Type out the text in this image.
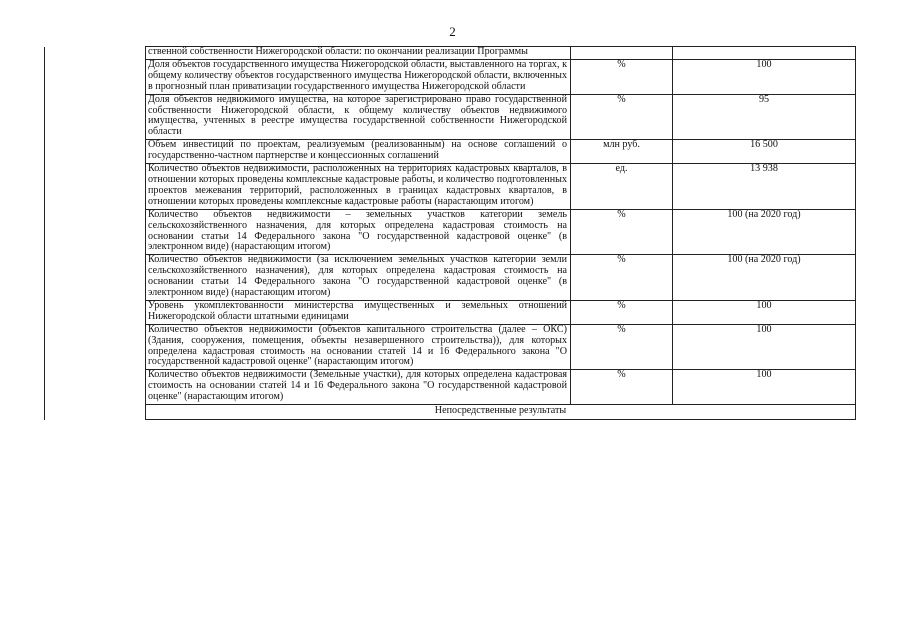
2
	ственной собственности Нижегородской области: по окончании реализации Программы		
	Доля объектов государственного имущества Нижегородской области, выставленного на торгах, к общему количеству объектов государственного имущества Нижегородской области, включенных в прогнозный план приватизации государственного имущества Нижегородской области	%	100
	Доля объектов недвижимого имущества, на которое зарегистрировано право государственной собственности Нижегородской области, к общему количеству объектов недвижимого имущества, учтенных в реестре имущества государственной собственности Нижегородской области	%	95
	Объем инвестиций по проектам, реализуемым (реализованным) на основе соглашений о государственно-частном партнерстве и концессионных соглашений	млн руб.	16 500
	Количество объектов недвижимости, расположенных на территориях кадастровых кварталов, в отношении которых проведены комплексные кадастровые работы, и количество подготовленных проектов межевания территорий, расположенных в границах кадастровых кварталов, в отношении которых проведены комплексные кадастровые работы (нарастающим итогом)	ед.	13 938
	Количество объектов недвижимости – земельных участков категории земель сельскохозяйственного назначения, для которых определена кадастровая стоимость на основании статьи 14 Федерального закона "О государственной кадастровой оценке" (в электронном виде) (нарастающим итогом)	%	100 (на 2020 год)
	Количество объектов недвижимости (за исключением земельных участков категории земли сельскохозяйственного назначения), для которых определена кадастровая стоимость на основании статьи 14 Федерального закона "О государственной кадастровой оценке" (в электронном виде) (нарастающим итогом)	%	100 (на 2020 год)
	Уровень укомплектованности министерства имущественных и земельных отношений Нижегородской области штатными единицами	%	100
	Количество объектов недвижимости (объектов капитального строительства (далее – ОКС) (Здания, сооружения, помещения, объекты незавершенного строительства)), для которых определена кадастровая стоимость на основании статей 14 и 16 Федерального закона "О государственной кадастровой оценке" (нарастающим итогом)	%	100
	Количество объектов недвижимости (Земельные участки), для которых определена кадастровая стоимость на основании статей 14 и 16 Федерального закона "О государственной кадастровой оценке" (нарастающим итогом)	%	100
	Непосредственные результаты		
